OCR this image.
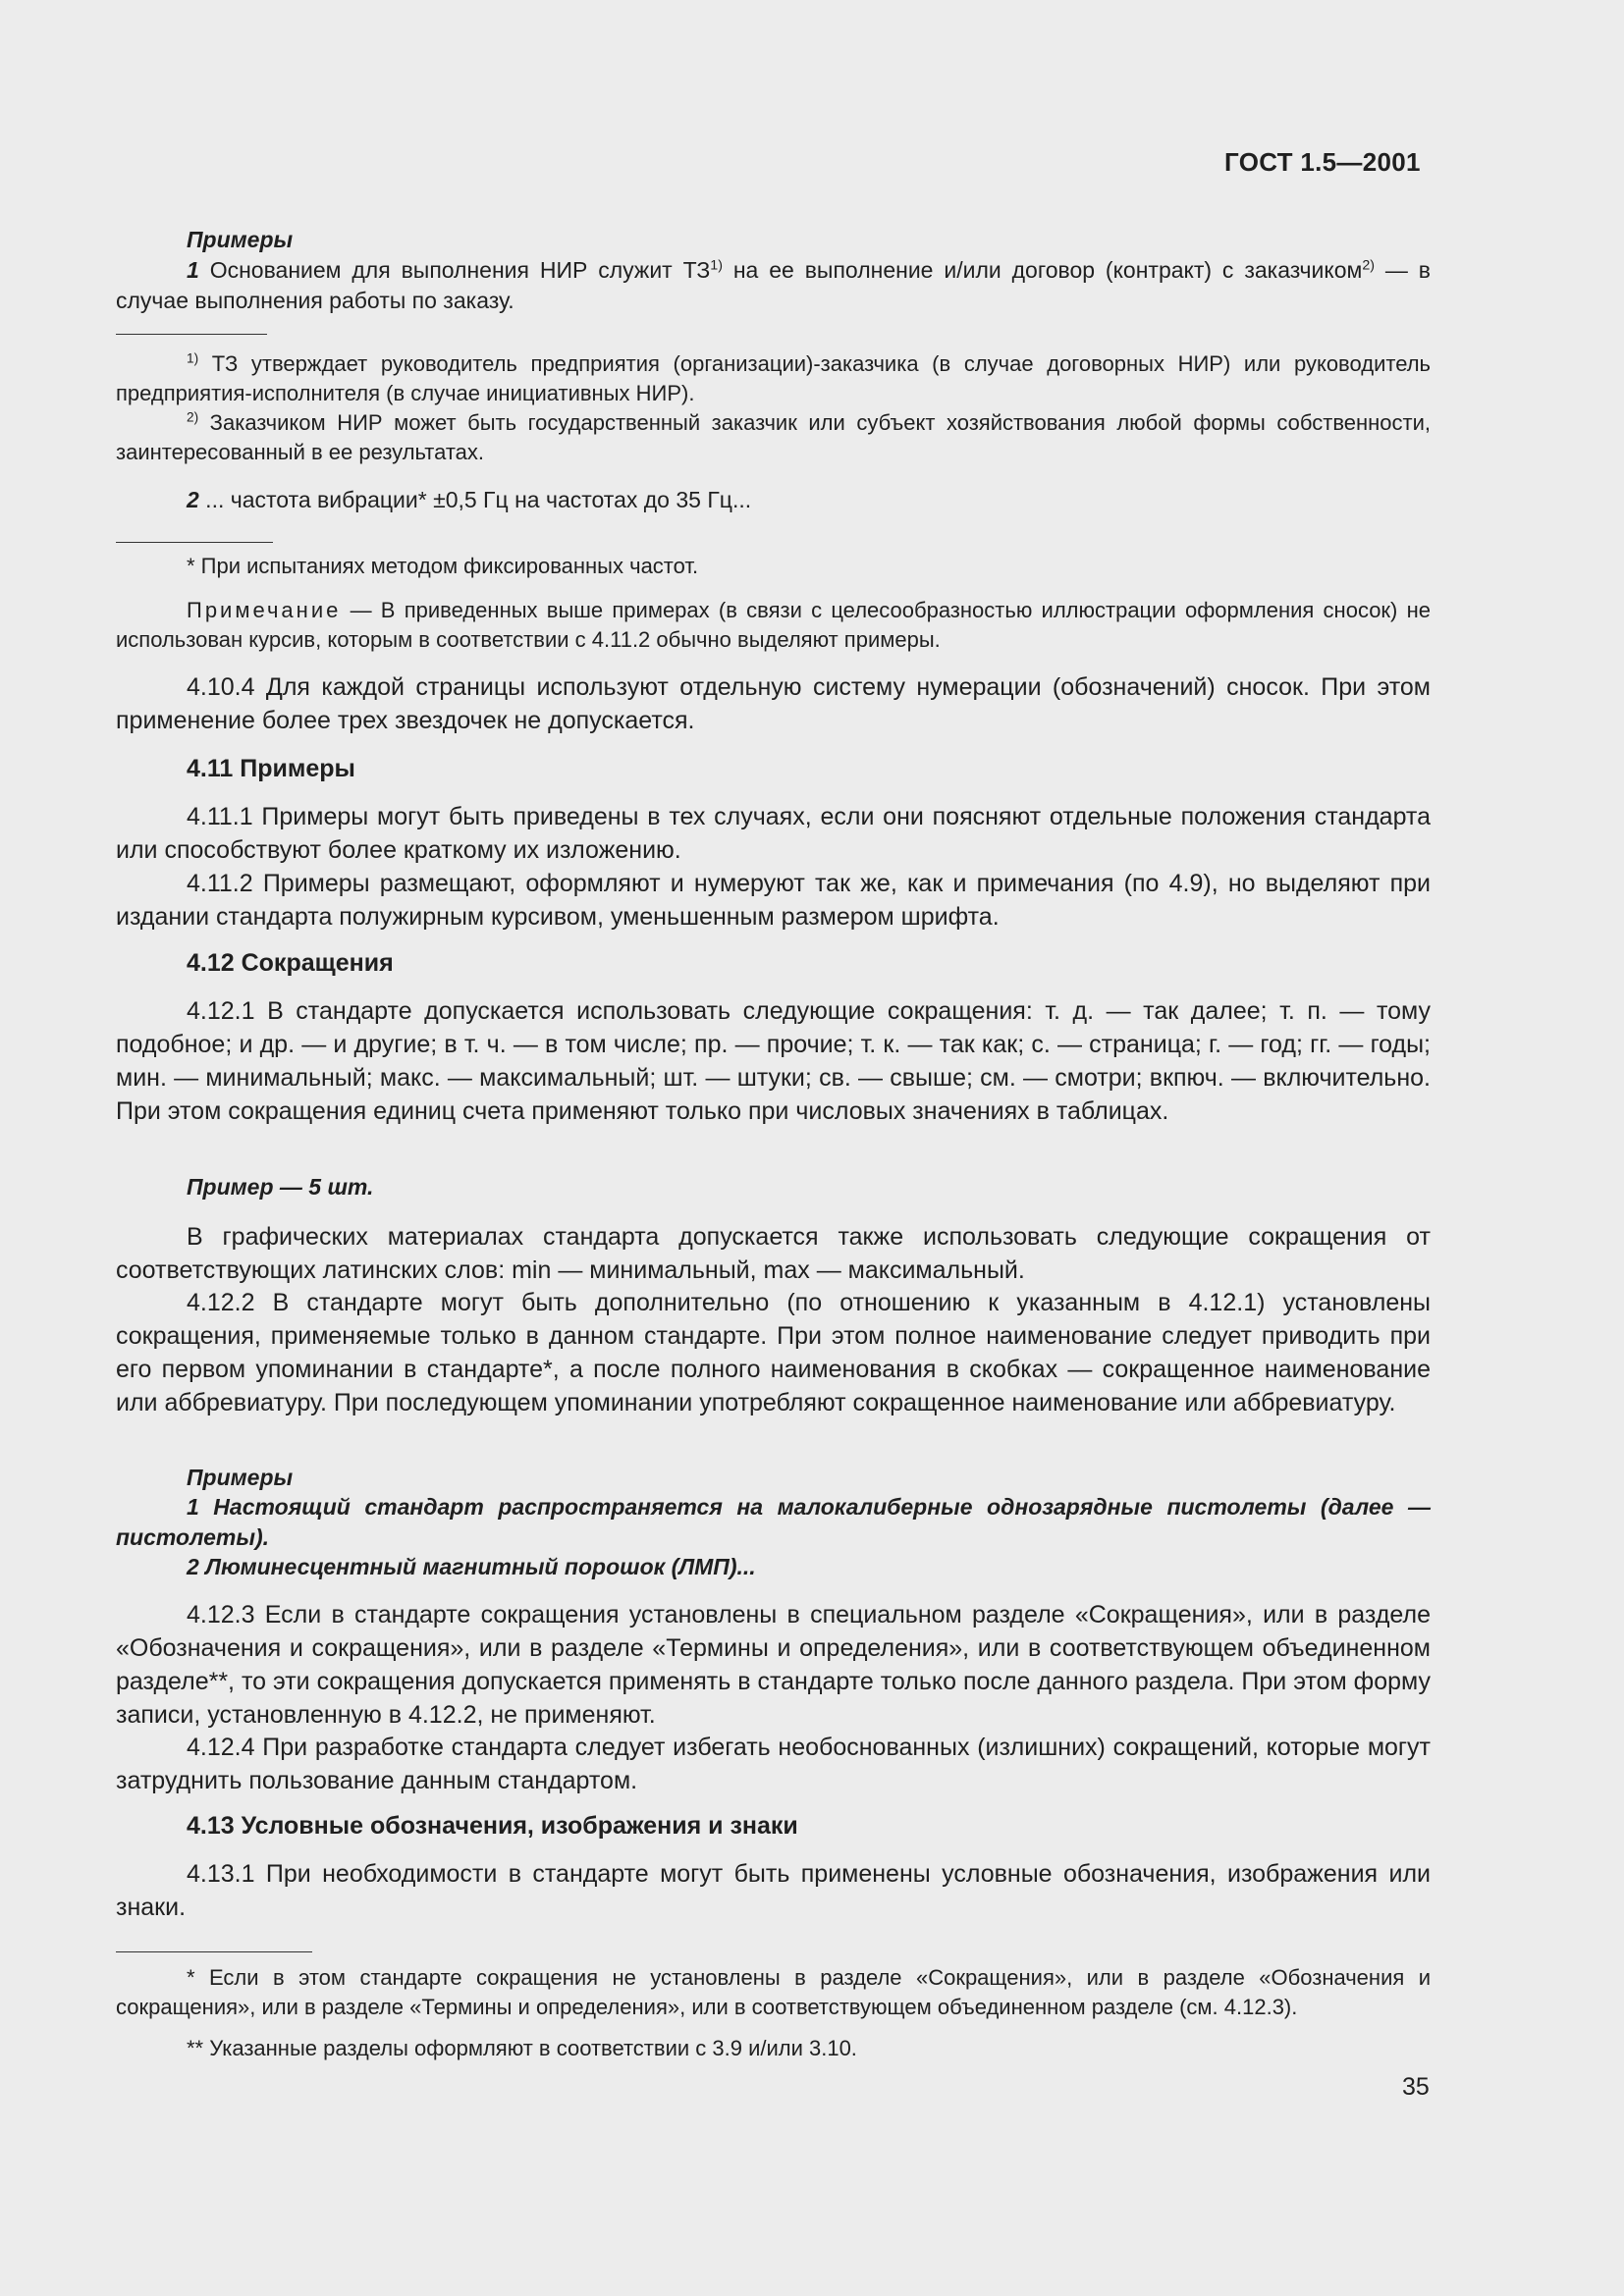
ГОСТ 1.5—2001
Примеры
1 Основанием для выполнения НИР служит ТЗ$^{1)}$ на ее выполнение и/или договор (контракт) с заказчиком$^{2)}$ — в случае выполнения работы по заказу.
$^{1)}$ ТЗ утверждает руководитель предприятия (организации)-заказчика (в случае договорных НИР) или руководитель предприятия-исполнителя (в случае инициативных НИР).
$^{2)}$ Заказчиком НИР может быть государственный заказчик или субъект хозяйствования любой формы собственности, заинтересованный в ее результатах.
2 ... частота вибрации* ±0,5 Гц на частотах до 35 Гц...
* При испытаниях методом фиксированных частот.
Примечание — В приведенных выше примерах (в связи с целесообразностью иллюстрации оформления сносок) не использован курсив, которым в соответствии с 4.11.2 обычно выделяют примеры.
4.10.4 Для каждой страницы используют отдельную систему нумерации (обозначений) сносок. При этом применение более трех звездочек не допускается.
4.11 Примеры
4.11.1 Примеры могут быть приведены в тех случаях, если они поясняют отдельные положения стандарта или способствуют более краткому их изложению.
4.11.2 Примеры размещают, оформляют и нумеруют так же, как и примечания (по 4.9), но выделяют при издании стандарта полужирным курсивом, уменьшенным размером шрифта.
4.12 Сокращения
4.12.1 В стандарте допускается использовать следующие сокращения: т. д. — так далее; т. п. — тому подобное; и др. — и другие; в т. ч. — в том числе; пр. — прочие; т. к. — так как; с. — страница; г. — год; гг. — годы; мин. — минимальный; макс. — максимальный; шт. — штуки; св. — свыше; см. — смотри; вкпюч. — включительно. При этом сокращения единиц счета применяют только при числовых значениях в таблицах.
Пример — 5 шт.
В графических материалах стандарта допускается также использовать следующие сокращения от соответствующих латинских слов: min — минимальный, max — максимальный.
4.12.2 В стандарте могут быть дополнительно (по отношению к указанным в 4.12.1) установлены сокращения, применяемые только в данном стандарте. При этом полное наименование следует приводить при его первом упоминании в стандарте*, а после полного наименования в скобках — сокращенное наименование или аббревиатуру. При последующем упоминании употребляют сокращенное наименование или аббревиатуру.
Примеры
1 Настоящий стандарт распространяется на малокалиберные однозарядные пистолеты (далее — пистолеты).
2 Люминесцентный магнитный порошок (ЛМП)...
4.12.3 Если в стандарте сокращения установлены в специальном разделе «Сокращения», или в разделе «Обозначения и сокращения», или в разделе «Термины и определения», или в соответствующем объединенном разделе**, то эти сокращения допускается применять в стандарте только после данного раздела. При этом форму записи, установленную в 4.12.2, не применяют.
4.12.4 При разработке стандарта следует избегать необоснованных (излишних) сокращений, которые могут затруднить пользование данным стандартом.
4.13 Условные обозначения, изображения и знаки
4.13.1 При необходимости в стандарте могут быть применены условные обозначения, изображения или знаки.
* Если в этом стандарте сокращения не установлены в разделе «Сокращения», или в разделе «Обозначения и сокращения», или в разделе «Термины и определения», или в соответствующем объединенном разделе (см. 4.12.3).
** Указанные разделы оформляют в соответствии с 3.9 и/или 3.10.
35
